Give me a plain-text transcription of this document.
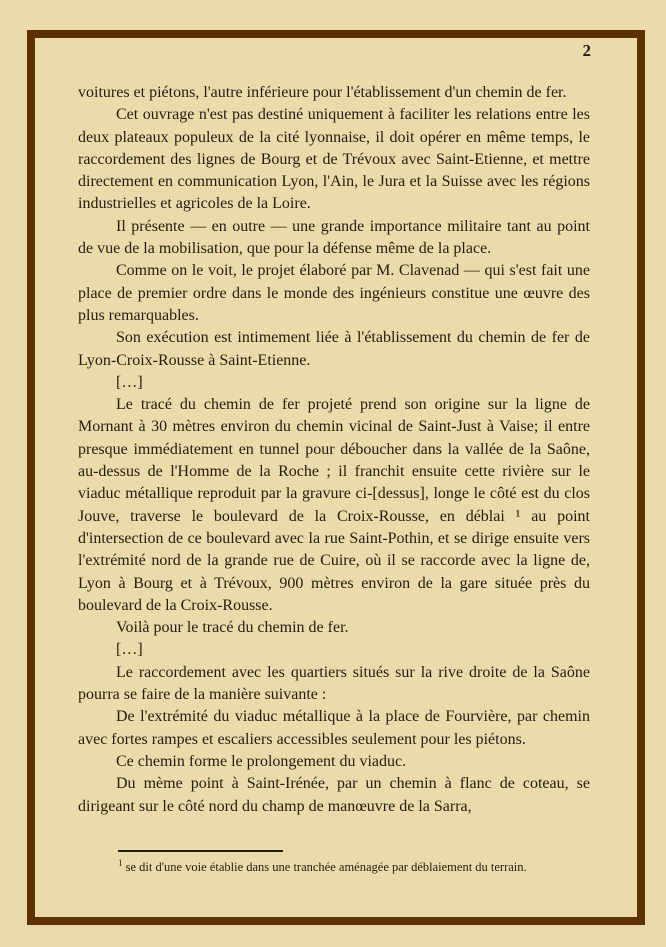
2

voitures et piétons, l'autre inférieure pour l'établissement d'un chemin de fer.

Cet ouvrage n'est pas destiné uniquement à faciliter les relations entre les deux plateaux populeux de la cité lyonnaise, il doit opérer en même temps, le raccordement des lignes de Bourg et de Trévoux avec Saint-Etienne, et mettre directement en communication Lyon, l'Ain, le Jura et la Suisse avec les régions industrielles et agricoles de la Loire.

Il présente — en outre — une grande importance militaire tant au point de vue de la mobilisation, que pour la défense même de la place.

Comme on le voit, le projet élaboré par M. Clavenad — qui s'est fait une place de premier ordre dans le monde des ingénieurs constitue une œuvre des plus remarquables.

Son exécution est intimement liée à l'établissement du chemin de fer de Lyon-Croix-Rousse à Saint-Etienne.

[…]

Le tracé du chemin de fer projeté prend son origine sur la ligne de Mornant à 30 mètres environ du chemin vicinal de Saint-Just à Vaise; il entre presque immédiatement en tunnel pour déboucher dans la vallée de la Saône, au-dessus de l'Homme de la Roche ; il franchit ensuite cette rivière sur le viaduc métallique reproduit par la gravure ci-[dessus], longe le côté est du clos Jouve, traverse le boulevard de la Croix-Rousse, en déblai ¹ au point d'intersection de ce boulevard avec la rue Saint-Pothin, et se dirige ensuite vers l'extrémité nord de la grande rue de Cuire, où il se raccorde avec la ligne de, Lyon à Bourg et à Trévoux, 900 mètres environ de la gare située près du boulevard de la Croix-Rousse.

Voilà pour le tracé du chemin de fer.

[…]

Le raccordement avec les quartiers situés sur la rive droite de la Saône pourra se faire de la manière suivante :

De l'extrémité du viaduc métallique à la place de Fourvière, par chemin avec fortes rampes et escaliers accessibles seulement pour les piétons.

Ce chemin forme le prolongement du viaduc.

Du mème point à Saint-Irénée, par un chemin à flanc de coteau, se dirigeant sur le côté nord du champ de manœuvre de la Sarra,

$^1$ se dit d'une voie établie dans une tranchée aménagée par déblaiement du terrain.
